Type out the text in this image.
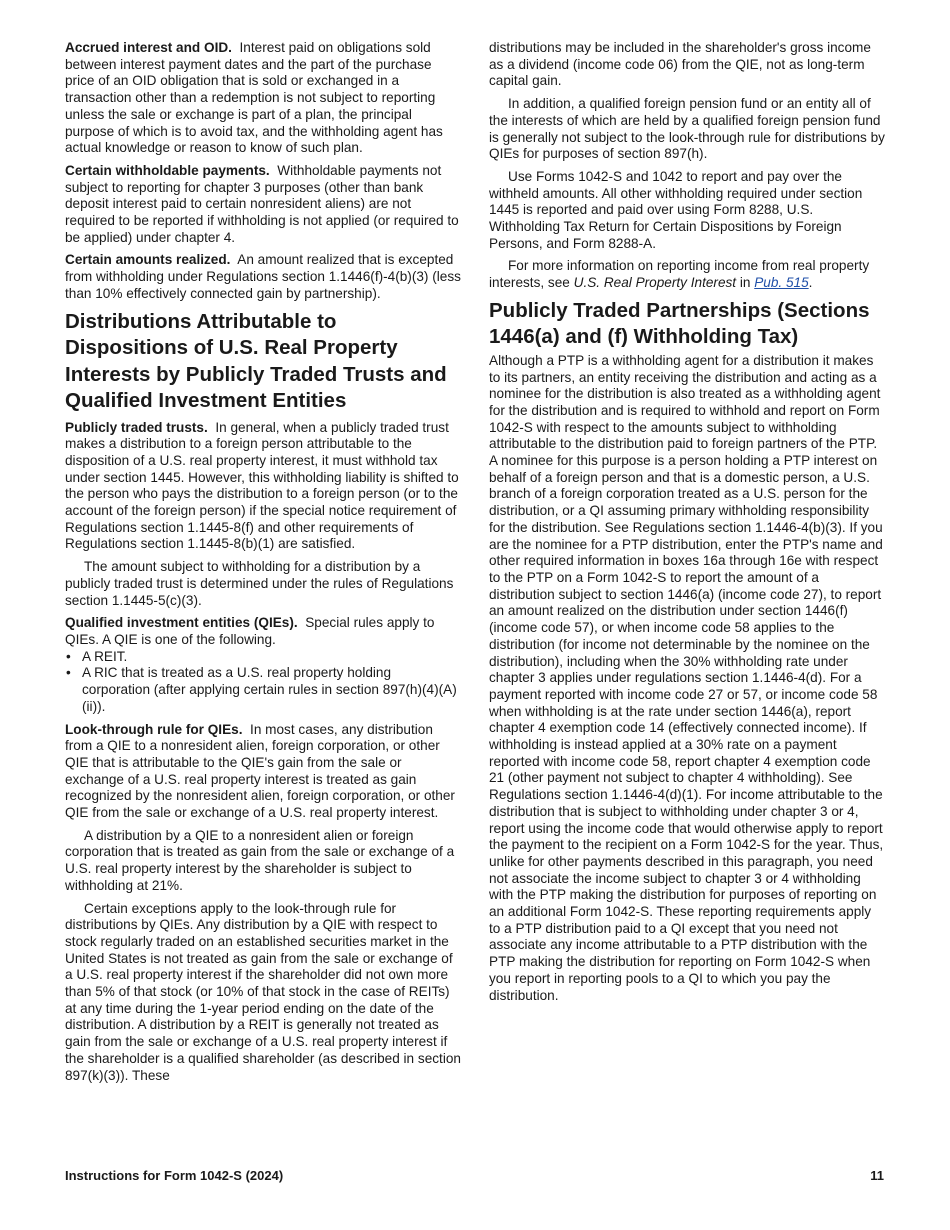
Accrued interest and OID. Interest paid on obligations sold between interest payment dates and the part of the purchase price of an OID obligation that is sold or exchanged in a transaction other than a redemption is not subject to reporting unless the sale or exchange is part of a plan, the principal purpose of which is to avoid tax, and the withholding agent has actual knowledge or reason to know of such plan.

Certain withholdable payments. Withholdable payments not subject to reporting for chapter 3 purposes (other than bank deposit interest paid to certain nonresident aliens) are not required to be reported if withholding is not applied (or required to be applied) under chapter 4.

Certain amounts realized. An amount realized that is excepted from withholding under Regulations section 1.1446(f)-4(b)(3) (less than 10% effectively connected gain by partnership).

Distributions Attributable to Dispositions of U.S. Real Property Interests by Publicly Traded Trusts and Qualified Investment Entities

Publicly traded trusts. In general, when a publicly traded trust makes a distribution to a foreign person attributable to the disposition of a U.S. real property interest, it must withhold tax under section 1445. However, this withholding liability is shifted to the person who pays the distribution to a foreign person (or to the account of the foreign person) if the special notice requirement of Regulations section 1.1445-8(f) and other requirements of Regulations section 1.1445-8(b)(1) are satisfied.

The amount subject to withholding for a distribution by a publicly traded trust is determined under the rules of Regulations section 1.1445-5(c)(3).

Qualified investment entities (QIEs). Special rules apply to QIEs. A QIE is one of the following.

• A REIT.
• A RIC that is treated as a U.S. real property holding corporation (after applying certain rules in section 897(h)(4)(A)(ii)).

Look-through rule for QIEs. In most cases, any distribution from a QIE to a nonresident alien, foreign corporation, or other QIE that is attributable to the QIE's gain from the sale or exchange of a U.S. real property interest is treated as gain recognized by the nonresident alien, foreign corporation, or other QIE from the sale or exchange of a U.S. real property interest.

A distribution by a QIE to a nonresident alien or foreign corporation that is treated as gain from the sale or exchange of a U.S. real property interest by the shareholder is subject to withholding at 21%.

Certain exceptions apply to the look-through rule for distributions by QIEs. Any distribution by a QIE with respect to stock regularly traded on an established securities market in the United States is not treated as gain from the sale or exchange of a U.S. real property interest if the shareholder did not own more than 5% of that stock (or 10% of that stock in the case of REITs) at any time during the 1-year period ending on the date of the distribution. A distribution by a REIT is generally not treated as gain from the sale or exchange of a U.S. real property interest if the shareholder is a qualified shareholder (as described in section 897(k)(3)). These

distributions may be included in the shareholder's gross income as a dividend (income code 06) from the QIE, not as long-term capital gain.

In addition, a qualified foreign pension fund or an entity all of the interests of which are held by a qualified foreign pension fund is generally not subject to the look-through rule for distributions by QIEs for purposes of section 897(h).

Use Forms 1042-S and 1042 to report and pay over the withheld amounts. All other withholding required under section 1445 is reported and paid over using Form 8288, U.S. Withholding Tax Return for Certain Dispositions by Foreign Persons, and Form 8288-A.

For more information on reporting income from real property interests, see U.S. Real Property Interest in Pub. 515.

Publicly Traded Partnerships (Sections 1446(a) and (f) Withholding Tax)

Although a PTP is a withholding agent for a distribution it makes to its partners, an entity receiving the distribution and acting as a nominee for the distribution is also treated as a withholding agent for the distribution and is required to withhold and report on Form 1042-S with respect to the amounts subject to withholding attributable to the distribution paid to foreign partners of the PTP. A nominee for this purpose is a person holding a PTP interest on behalf of a foreign person and that is a domestic person, a U.S. branch of a foreign corporation treated as a U.S. person for the distribution, or a QI assuming primary withholding responsibility for the distribution. See Regulations section 1.1446-4(b)(3). If you are the nominee for a PTP distribution, enter the PTP's name and other required information in boxes 16a through 16e with respect to the PTP on a Form 1042-S to report the amount of a distribution subject to section 1446(a) (income code 27), to report an amount realized on the distribution under section 1446(f) (income code 57), or when income code 58 applies to the distribution (for income not determinable by the nominee on the distribution), including when the 30% withholding rate under chapter 3 applies under regulations section 1.1446-4(d). For a payment reported with income code 27 or 57, or income code 58 when withholding is at the rate under section 1446(a), report chapter 4 exemption code 14 (effectively connected income). If withholding is instead applied at a 30% rate on a payment reported with income code 58, report chapter 4 exemption code 21 (other payment not subject to chapter 4 withholding). See Regulations section 1.1446-4(d)(1). For income attributable to the distribution that is subject to withholding under chapter 3 or 4, report using the income code that would otherwise apply to report the payment to the recipient on a Form 1042-S for the year. Thus, unlike for other payments described in this paragraph, you need not associate the income subject to chapter 3 or 4 withholding with the PTP making the distribution for purposes of reporting on an additional Form 1042-S. These reporting requirements apply to a PTP distribution paid to a QI except that you need not associate any income attributable to a PTP distribution with the PTP making the distribution for reporting on Form 1042-S when you report in reporting pools to a QI to which you pay the distribution.

Instructions for Form 1042-S (2024)	11
